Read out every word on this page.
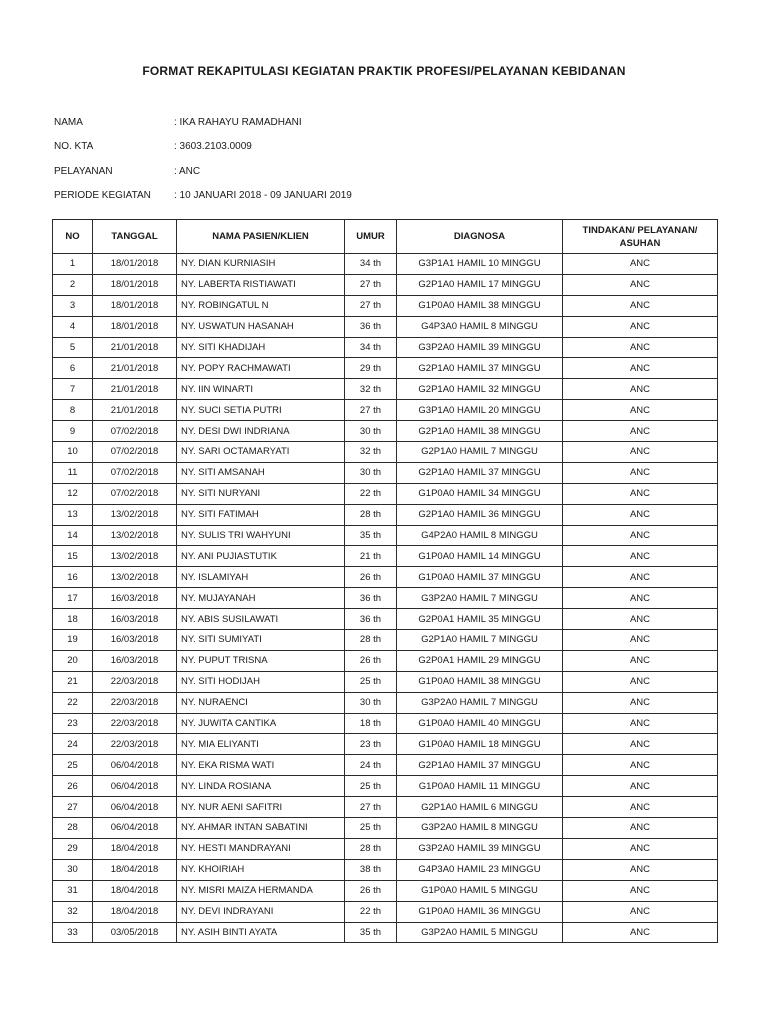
FORMAT REKAPITULASI KEGIATAN PRAKTIK PROFESI/PELAYANAN KEBIDANAN
NAMA	: IKA RAHAYU RAMADHANI
NO. KTA	: 3603.2103.0009
PELAYANAN	: ANC
PERIODE KEGIATAN	: 10 JANUARI 2018 - 09 JANUARI 2019
NO	TANGGAL	NAMA PASIEN/KLIEN	UMUR	DIAGNOSA	TINDAKAN/ PELAYANAN/ ASUHAN
1	18/01/2018	NY. DIAN KURNIASIH	34 th	G3P1A1 HAMIL 10 MINGGU	ANC
2	18/01/2018	NY. LABERTA RISTIAWATI	27 th	G2P1A0 HAMIL 17 MINGGU	ANC
3	18/01/2018	NY. ROBINGATUL N	27 th	G1P0A0 HAMIL 38 MINGGU	ANC
4	18/01/2018	NY. USWATUN HASANAH	36 th	G4P3A0 HAMIL 8 MINGGU	ANC
5	21/01/2018	NY. SITI KHADIJAH	34 th	G3P2A0 HAMIL 39 MINGGU	ANC
6	21/01/2018	NY. POPY RACHMAWATI	29 th	G2P1A0 HAMIL 37 MINGGU	ANC
7	21/01/2018	NY. IIN WINARTI	32 th	G2P1A0 HAMIL 32 MINGGU	ANC
8	21/01/2018	NY. SUCI SETIA PUTRI	27 th	G3P1A0 HAMIL 20 MINGGU	ANC
9	07/02/2018	NY. DESI DWI INDRIANA	30 th	G2P1A0 HAMIL 38 MINGGU	ANC
10	07/02/2018	NY. SARI OCTAMARYATI	32 th	G2P1A0 HAMIL 7 MINGGU	ANC
11	07/02/2018	NY. SITI AMSANAH	30 th	G2P1A0 HAMIL 37 MINGGU	ANC
12	07/02/2018	NY. SITI NURYANI	22 th	G1P0A0 HAMIL 34 MINGGU	ANC
13	13/02/2018	NY. SITI FATIMAH	28 th	G2P1A0 HAMIL 36 MINGGU	ANC
14	13/02/2018	NY. SULIS TRI WAHYUNI	35 th	G4P2A0 HAMIL 8 MINGGU	ANC
15	13/02/2018	NY. ANI PUJIASTUTIK	21 th	G1P0A0 HAMIL 14 MINGGU	ANC
16	13/02/2018	NY. ISLAMIYAH	26 th	G1P0A0 HAMIL 37 MINGGU	ANC
17	16/03/2018	NY. MUJAYANAH	36 th	G3P2A0 HAMIL 7 MINGGU	ANC
18	16/03/2018	NY. ABIS SUSILAWATI	36 th	G2P0A1 HAMIL 35 MINGGU	ANC
19	16/03/2018	NY. SITI SUMIYATI	28 th	G2P1A0 HAMIL 7 MINGGU	ANC
20	16/03/2018	NY. PUPUT TRISNA	26 th	G2P0A1 HAMIL 29 MINGGU	ANC
21	22/03/2018	NY. SITI HODIJAH	25 th	G1P0A0 HAMIL 38 MINGGU	ANC
22	22/03/2018	NY. NURAENCI	30 th	G3P2A0 HAMIL 7 MINGGU	ANC
23	22/03/2018	NY. JUWITA CANTIKA	18 th	G1P0A0 HAMIL 40 MINGGU	ANC
24	22/03/2018	NY. MIA ELIYANTI	23 th	G1P0A0 HAMIL 18 MINGGU	ANC
25	06/04/2018	NY. EKA RISMA WATI	24 th	G2P1A0 HAMIL 37 MINGGU	ANC
26	06/04/2018	NY. LINDA ROSIANA	25 th	G1P0A0 HAMIL 11 MINGGU	ANC
27	06/04/2018	NY. NUR AENI SAFITRI	27 th	G2P1A0 HAMIL 6 MINGGU	ANC
28	06/04/2018	NY. AHMAR INTAN SABATINI	25 th	G3P2A0 HAMIL 8 MINGGU	ANC
29	18/04/2018	NY. HESTI MANDRAYANI	28 th	G3P2A0 HAMIL 39 MINGGU	ANC
30	18/04/2018	NY. KHOIRIAH	38 th	G4P3A0 HAMIL 23 MINGGU	ANC
31	18/04/2018	NY. MISRI MAIZA HERMANDA	26 th	G1P0A0 HAMIL 5 MINGGU	ANC
32	18/04/2018	NY. DEVI INDRAYANI	22 th	G1P0A0 HAMIL 36 MINGGU	ANC
33	03/05/2018	NY. ASIH BINTI AYATA	35 th	G3P2A0 HAMIL 5 MINGGU	ANC
